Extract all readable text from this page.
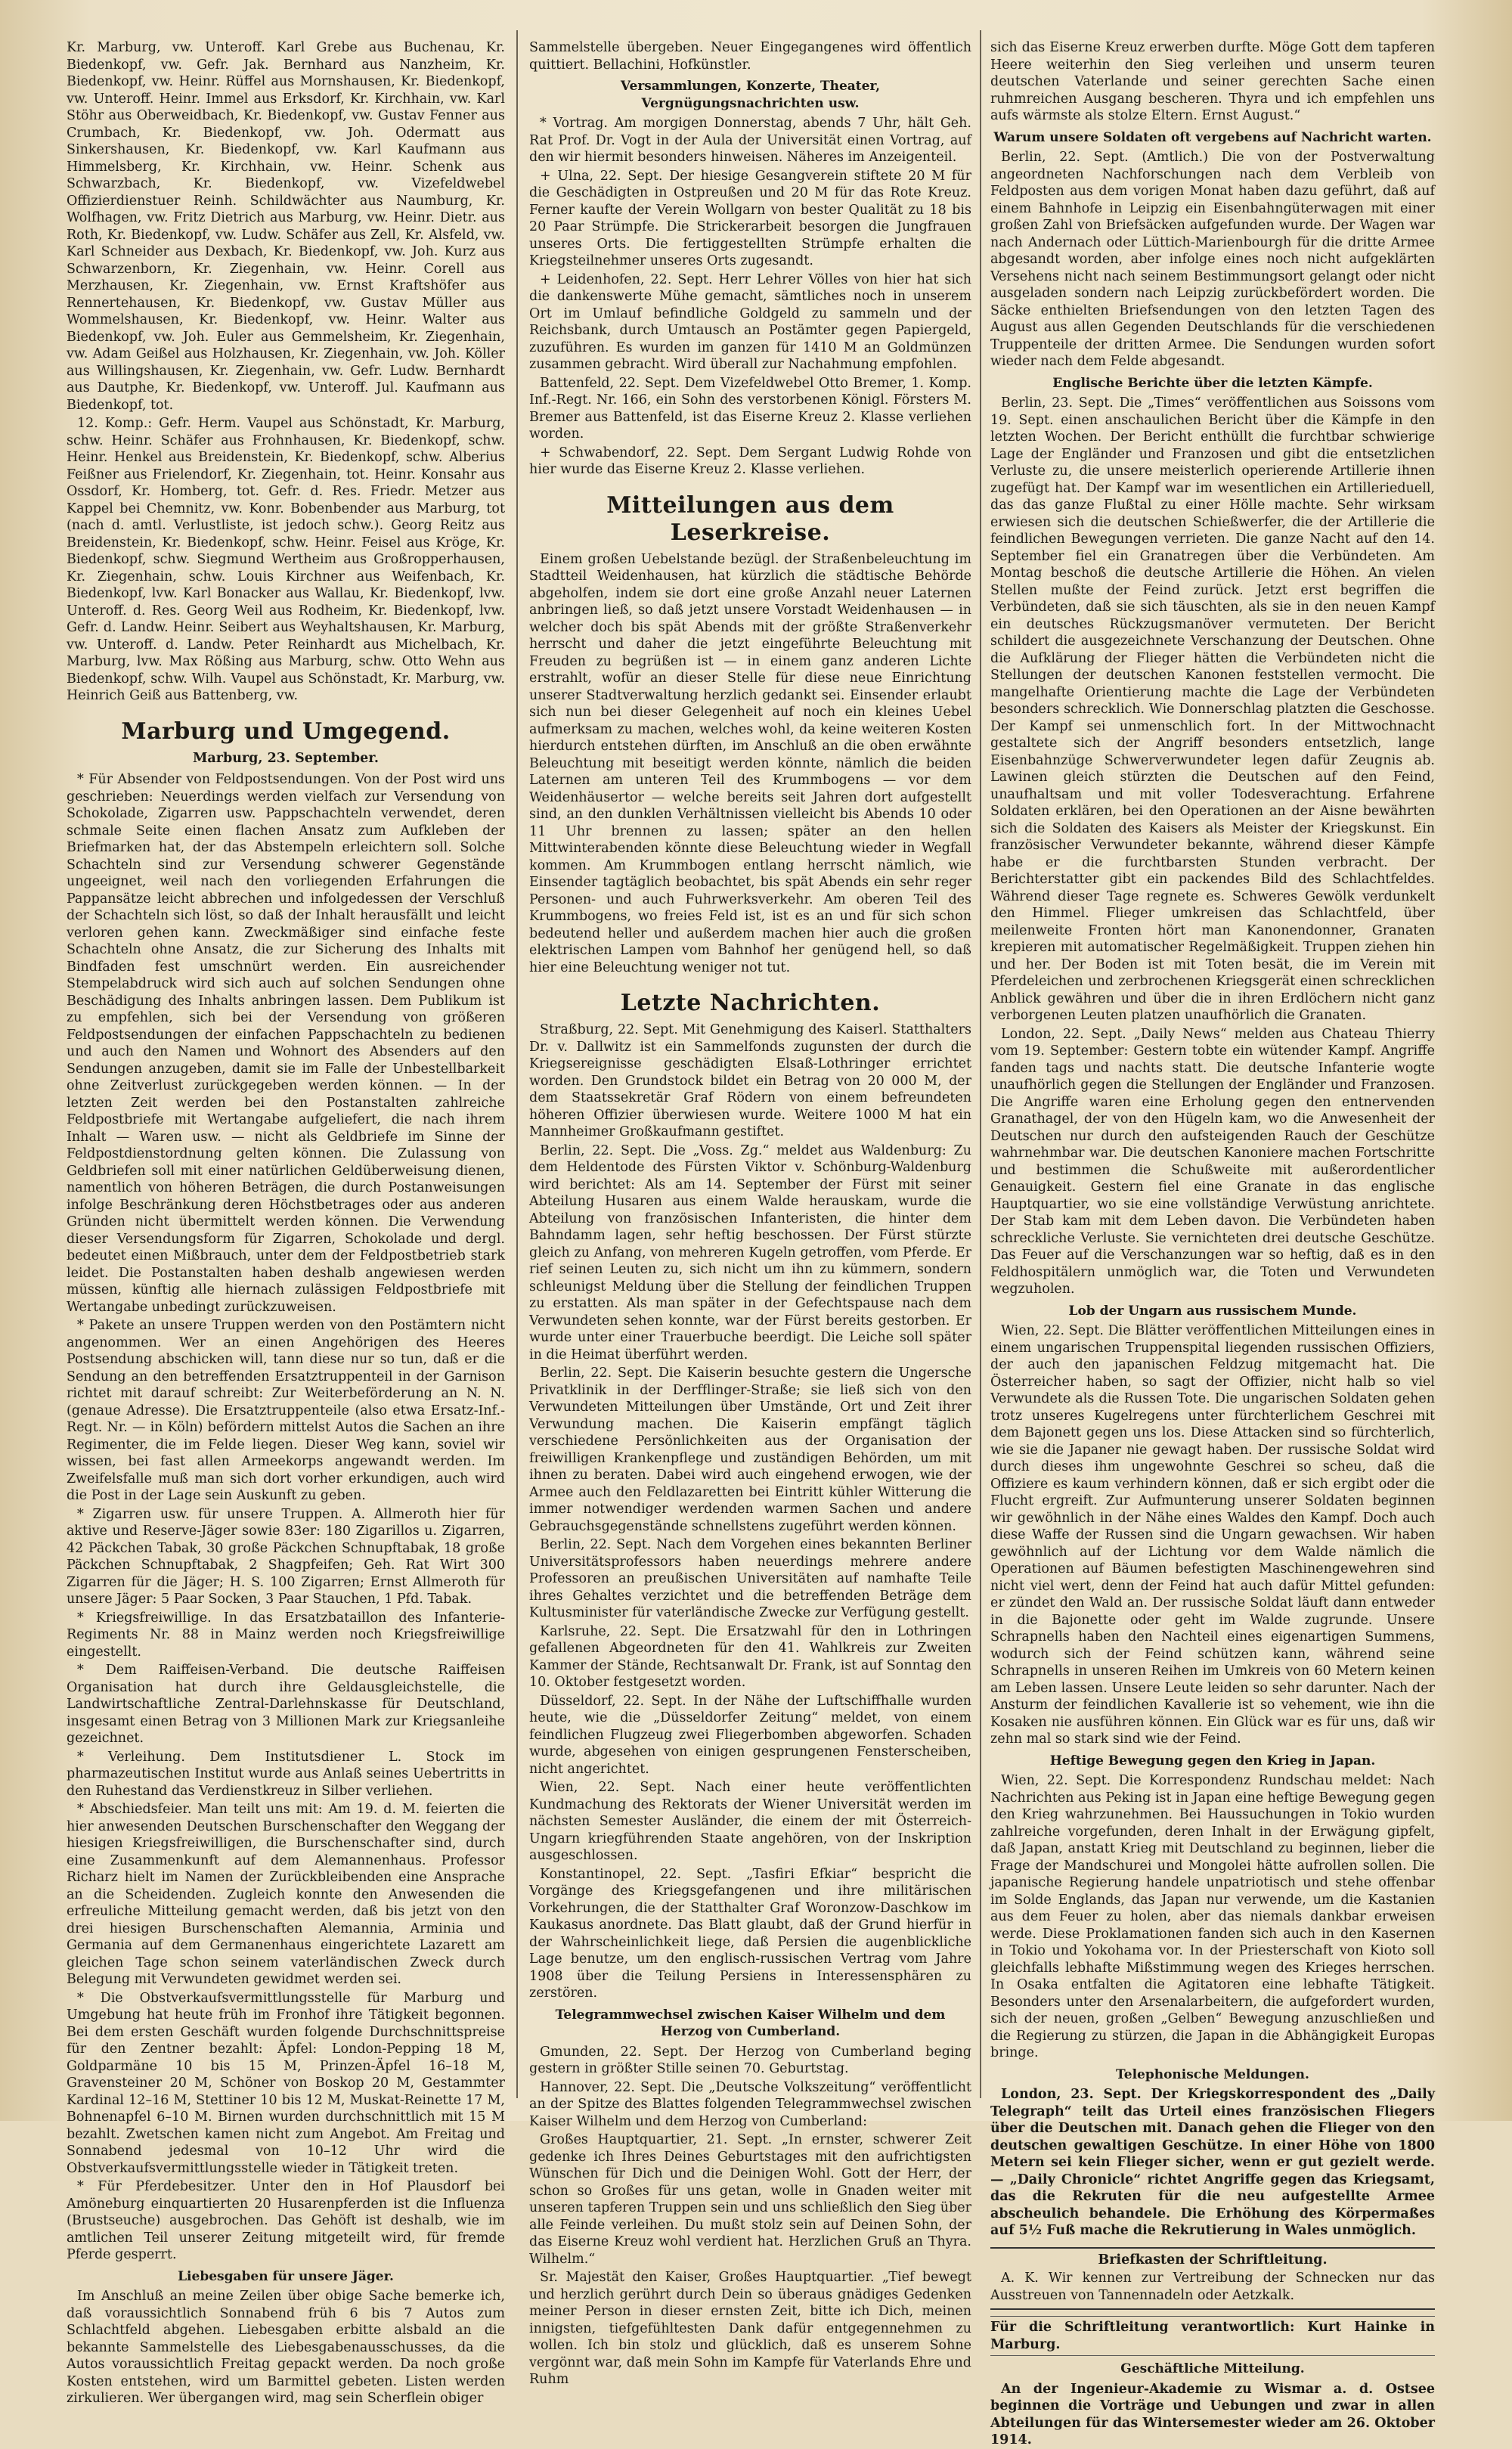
Kr. Marburg, vw. Unteroff. Karl Grebe aus Buchenau, Kr. Biedenkopf, vw. Gefr. Jak. Bernhard aus Nanzheim, Kr. Biedenkopf, vw. Heinr. Rüffel aus Mornshausen, Kr. Biedenkopf, vw. Unteroff. Heinr. Immel aus Erksdorf, Kr. Kirchhain, vw. Karl Stöhr aus Oberweidbach, Kr. Biedenkopf, vw. Gustav Fenner aus Crumbach, Kr. Biedenkopf, vw. Joh. Odermatt aus Sinkershausen, Kr. Biedenkopf, vw. Karl Kaufmann aus Himmelsberg, Kr. Kirchhain, vw. Heinr. Schenk aus Schwarzbach, Kr. Biedenkopf, vw. Vizefeldwebel Offizierdienstuer Reinh. Schildwächter aus Naumburg, Kr. Wolfhagen, vw. Fritz Dietrich aus Marburg, vw. Heinr. Dietr. aus Roth, Kr. Biedenkopf, vw. Ludw. Schäfer aus Zell, Kr. Alsfeld, vw. Karl Schneider aus Dexbach, Kr. Biedenkopf, vw. Joh. Kurz aus Schwarzenborn, Kr. Ziegenhain, vw. Heinr. Corell aus Merzhausen, Kr. Ziegenhain, vw. Ernst Kraftshöfer aus Rennertehausen, Kr. Biedenkopf, vw. Gustav Müller aus Wommelshausen, Kr. Biedenkopf, vw. Heinr. Walter aus Biedenkopf, vw. Joh. Euler aus Gemmelsheim, Kr. Ziegenhain, vw. Adam Geißel aus Holzhausen, Kr. Ziegenhain, vw. Joh. Köller aus Willingshausen, Kr. Ziegenhain, vw. Gefr. Ludw. Bernhardt aus Dautphe, Kr. Biedenkopf, vw. Unteroff. Jul. Kaufmann aus Biedenkopf, tot.

12. Komp.: Gefr. Herm. Vaupel aus Schönstadt, Kr. Marburg, schw. Heinr. Schäfer aus Frohnhausen, Kr. Biedenkopf, schw. Heinr. Henkel aus Breidenstein, Kr. Biedenkopf, schw. Alberius Feißner aus Frielendorf, Kr. Ziegenhain, tot. Heinr. Konsahr aus Ossdorf, Kr. Homberg, tot. Gefr. d. Res. Friedr. Metzer aus Kappel bei Chemnitz, vw. Konr. Bobenbender aus Marburg, tot (nach d. amtl. Verlustliste, ist jedoch schw.). Georg Reitz aus Breidenstein, Kr. Biedenkopf, schw. Heinr. Feisel aus Kröge, Kr. Biedenkopf, schw. Siegmund Wertheim aus Großropperhausen, Kr. Ziegenhain, schw. Louis Kirchner aus Weifenbach, Kr. Biedenkopf, lvw. Karl Bonacker aus Wallau, Kr. Biedenkopf, lvw. Unteroff. d. Res. Georg Weil aus Rodheim, Kr. Biedenkopf, lvw. Gefr. d. Landw. Heinr. Seibert aus Weyhaltshausen, Kr. Marburg, vw. Unteroff. d. Landw. Peter Reinhardt aus Michelbach, Kr. Marburg, lvw. Max Rößing aus Marburg, schw. Otto Wehn aus Biedenkopf, schw. Wilh. Vaupel aus Schönstadt, Kr. Marburg, vw. Heinrich Geiß aus Battenberg, vw.

Marburg und Umgegend.
Marburg, 23. September.

* Für Absender von Feldpostsendungen. Von der Post wird uns geschrieben: Neuerdings werden vielfach zur Versendung von Schokolade, Zigarren usw. Pappschachteln verwendet, deren schmale Seite einen flachen Ansatz zum Aufkleben der Briefmarken hat, der das Abstempeln erleichtern soll. Solche Schachteln sind zur Versendung schwerer Gegenstände ungeeignet, weil nach den vorliegenden Erfahrungen die Pappansätze leicht abbrechen und infolgedessen der Verschluß der Schachteln sich löst, so daß der Inhalt herausfällt und leicht verloren gehen kann. Zweckmäßiger sind einfache feste Schachteln ohne Ansatz, die zur Sicherung des Inhalts mit Bindfaden fest umschnürt werden. Ein ausreichender Stempelabdruck wird sich auch auf solchen Sendungen ohne Beschädigung des Inhalts anbringen lassen. Dem Publikum ist zu empfehlen, sich bei der Versendung von größeren Feldpostsendungen der einfachen Pappschachteln zu bedienen und auch den Namen und Wohnort des Absenders auf den Sendungen anzugeben, damit sie im Falle der Unbestellbarkeit ohne Zeitverlust zurückgegeben werden können. — In der letzten Zeit werden bei den Postanstalten zahlreiche Feldpostbriefe mit Wertangabe aufgeliefert, die nach ihrem Inhalt — Waren usw. — nicht als Geldbriefe im Sinne der Feldpostdienstordnung gelten können. Die Zulassung von Geldbriefen soll mit einer natürlichen Geldüberweisung dienen, namentlich von höheren Beträgen, die durch Postanweisungen infolge Beschränkung deren Höchstbetrages oder aus anderen Gründen nicht übermittelt werden können. Die Verwendung dieser Versendungsform für Zigarren, Schokolade und dergl. bedeutet einen Mißbrauch, unter dem der Feldpostbetrieb stark leidet. Die Postanstalten haben deshalb angewiesen werden müssen, künftig alle hiernach zulässigen Feldpostbriefe mit Wertangabe unbedingt zurückzuweisen.

* Pakete an unsere Truppen werden von den Postämtern nicht angenommen. Wer an einen Angehörigen des Heeres Postsendung abschicken will, tann diese nur so tun, daß er die Sendung an den betreffenden Ersatztruppenteil in der Garnison richtet mit darauf schreibt: Zur Weiterbeförderung an N. N. (genaue Adresse). Die Ersatztruppenteile (also etwa Ersatz-Inf.-Regt. Nr. — in Köln) befördern mittelst Autos die Sachen an ihre Regimenter, die im Felde liegen. Dieser Weg kann, soviel wir wissen, bei fast allen Armeekorps angewandt werden. Im Zweifelsfalle muß man sich dort vorher erkundigen, auch wird die Post in der Lage sein Auskunft zu geben.

* Zigarren usw. für unsere Truppen. A. Allmeroth hier für aktive und Reserve-Jäger sowie 83er: 180 Zigarillos u. Zigarren, 42 Päckchen Tabak, 30 große Päckchen Schnupftabak, 18 große Päckchen Schnupftabak, 2 Shagpfeifen; Geh. Rat Wirt 300 Zigarren für die Jäger; H. S. 100 Zigarren; Ernst Allmeroth für unsere Jäger: 5 Paar Socken, 3 Paar Stauchen, 1 Pfd. Tabak.

* Kriegsfreiwillige. In das Ersatzbataillon des Infanterie-Regiments Nr. 88 in Mainz werden noch Kriegsfreiwillige eingestellt.

* Dem Raiffeisen-Verband. Die deutsche Raiffeisen Organisation hat durch ihre Geldausgleichstelle, die Landwirtschaftliche Zentral-Darlehnskasse für Deutschland, insgesamt einen Betrag von 3 Millionen Mark zur Kriegsanleihe gezeichnet.

* Verleihung. Dem Institutsdiener L. Stock im pharmazeutischen Institut wurde aus Anlaß seines Uebertritts in den Ruhestand das Verdienstkreuz in Silber verliehen.

* Abschiedsfeier. Man teilt uns mit: Am 19. d. M. feierten die hier anwesenden Deutschen Burschenschafter den Weggang der hiesigen Kriegsfreiwilligen, die Burschenschafter sind, durch eine Zusammenkunft auf dem Alemannenhaus. Professor Richarz hielt im Namen der Zurückbleibenden eine Ansprache an die Scheidenden. Zugleich konnte den Anwesenden die erfreuliche Mitteilung gemacht werden, daß bis jetzt von den drei hiesigen Burschenschaften Alemannia, Arminia und Germania auf dem Germanenhaus eingerichtete Lazarett am gleichen Tage schon seinem vaterländischen Zweck durch Belegung mit Verwundeten gewidmet werden sei.

* Die Obstverkaufsvermittlungsstelle für Marburg und Umgebung hat heute früh im Fronhof ihre Tätigkeit begonnen. Bei dem ersten Geschäft wurden folgende Durchschnittspreise für den Zentner bezahlt: Äpfel: London-Pepping 18 M, Goldparmäne 10 bis 15 M, Prinzen-Äpfel 16–18 M, Gravensteiner 20 M, Schöner von Boskop 20 M, Gestammter Kardinal 12–16 M, Stettiner 10 bis 12 M, Muskat-Reinette 17 M, Bohnenapfel 6–10 M. Birnen wurden durchschnittlich mit 15 M bezahlt. Zwetschen kamen nicht zum Angebot. Am Freitag und Sonnabend jedesmal von 10–12 Uhr wird die Obstverkaufsvermittlungsstelle wieder in Tätigkeit treten.

* Für Pferdebesitzer. Unter den in Hof Plausdorf bei Amöneburg einquartierten 20 Husarenpferden ist die Influenza (Brustseuche) ausgebrochen. Das Gehöft ist deshalb, wie im amtlichen Teil unserer Zeitung mitgeteilt wird, für fremde Pferde gesperrt.

Liebesgaben für unsere Jäger.

Im Anschluß an meine Zeilen über obige Sache bemerke ich, daß voraussichtlich Sonnabend früh 6 bis 7 Autos zum Schlachtfeld abgehen. Liebesgaben erbitte alsbald an die bekannte Sammelstelle des Liebesgabenausschusses, da die Autos voraussichtlich Freitag gepackt werden. Da noch große Kosten entstehen, wird um Barmittel gebeten. Listen werden zirkulieren. Wer übergangen wird, mag sein Scherflein obiger

Sammelstelle übergeben. Neuer Eingegangenes wird öffentlich quittiert. Bellachini, Hofkünstler.

Versammlungen, Konzerte, Theater, Vergnügungsnachrichten usw.

* Vortrag. Am morgigen Donnerstag, abends 7 Uhr, hält Geh. Rat Prof. Dr. Vogt in der Aula der Universität einen Vortrag, auf den wir hiermit besonders hinweisen. Näheres im Anzeigenteil.

+ Ulna, 22. Sept. Der hiesige Gesangverein stiftete 20 M für die Geschädigten in Ostpreußen und 20 M für das Rote Kreuz. Ferner kaufte der Verein Wollgarn von bester Qualität zu 18 bis 20 Paar Strümpfe. Die Strickerarbeit besorgen die Jungfrauen unseres Orts. Die fertiggestellten Strümpfe erhalten die Kriegsteilnehmer unseres Orts zugesandt.

+ Leidenhofen, 22. Sept. Herr Lehrer Völles von hier hat sich die dankenswerte Mühe gemacht, sämtliches noch in unserem Ort im Umlauf befindliche Goldgeld zu sammeln und der Reichsbank, durch Umtausch an Postämter gegen Papiergeld, zuzuführen. Es wurden im ganzen für 1410 M an Goldmünzen zusammen gebracht. Wird überall zur Nachahmung empfohlen.

Battenfeld, 22. Sept. Dem Vizefeldwebel Otto Bremer, 1. Komp. Inf.-Regt. Nr. 166, ein Sohn des verstorbenen Königl. Försters M. Bremer aus Battenfeld, ist das Eiserne Kreuz 2. Klasse verliehen worden.

+ Schwabendorf, 22. Sept. Dem Sergant Ludwig Rohde von hier wurde das Eiserne Kreuz 2. Klasse verliehen.

Mitteilungen aus dem Leserkreise.

Einem großen Uebelstande bezügl. der Straßenbeleuchtung im Stadtteil Weidenhausen, hat kürzlich die städtische Behörde abgeholfen, indem sie dort eine große Anzahl neuer Laternen anbringen ließ, so daß jetzt unsere Vorstadt Weidenhausen — in welcher doch bis spät Abends mit der größte Straßenverkehr herrscht und daher die jetzt eingeführte Beleuchtung mit Freuden zu begrüßen ist — in einem ganz anderen Lichte erstrahlt, wofür an dieser Stelle für diese neue Einrichtung unserer Stadtverwaltung herzlich gedankt sei. Einsender erlaubt sich nun bei dieser Gelegenheit auf noch ein kleines Uebel aufmerksam zu machen, welches wohl, da keine weiteren Kosten hierdurch entstehen dürften, im Anschluß an die oben erwähnte Beleuchtung mit beseitigt werden könnte, nämlich die beiden Laternen am unteren Teil des Krummbogens — vor dem Weidenhäusertor — welche bereits seit Jahren dort aufgestellt sind, an den dunklen Verhältnissen vielleicht bis Abends 10 oder 11 Uhr brennen zu lassen; später an den hellen Mittwinterabenden könnte diese Beleuchtung wieder in Wegfall kommen. Am Krummbogen entlang herrscht nämlich, wie Einsender tagtäglich beobachtet, bis spät Abends ein sehr reger Personen- und auch Fuhrwerksverkehr. Am oberen Teil des Krummbogens, wo freies Feld ist, ist es an und für sich schon bedeutend heller und außerdem machen hier auch die großen elektrischen Lampen vom Bahnhof her genügend hell, so daß hier eine Beleuchtung weniger not tut.

Letzte Nachrichten.

Straßburg, 22. Sept. Mit Genehmigung des Kaiserl. Statthalters Dr. v. Dallwitz ist ein Sammelfonds zugunsten der durch die Kriegsereignisse geschädigten Elsaß-Lothringer errichtet worden. Den Grundstock bildet ein Betrag von 20 000 M, der dem Staatssekretär Graf Rödern von einem befreundeten höheren Offizier überwiesen wurde. Weitere 1000 M hat ein Mannheimer Großkaufmann gestiftet.

Berlin, 22. Sept. Die „Voss. Zg.“ meldet aus Waldenburg: Zu dem Heldentode des Fürsten Viktor v. Schönburg-Waldenburg wird berichtet: Als am 14. September der Fürst mit seiner Abteilung Husaren aus einem Walde herauskam, wurde die Abteilung von französischen Infanteristen, die hinter dem Bahndamm lagen, sehr heftig beschossen. Der Fürst stürzte gleich zu Anfang, von mehreren Kugeln getroffen, vom Pferde. Er rief seinen Leuten zu, sich nicht um ihn zu kümmern, sondern schleunigst Meldung über die Stellung der feindlichen Truppen zu erstatten. Als man später in der Gefechtspause nach dem Verwundeten sehen konnte, war der Fürst bereits gestorben. Er wurde unter einer Trauerbuche beerdigt. Die Leiche soll später in die Heimat überführt werden.

Berlin, 22. Sept. Die Kaiserin besuchte gestern die Ungersche Privatklinik in der Derfflinger-Straße; sie ließ sich von den Verwundeten Mitteilungen über Umstände, Ort und Zeit ihrer Verwundung machen. Die Kaiserin empfängt täglich verschiedene Persönlichkeiten aus der Organisation der freiwilligen Krankenpflege und zuständigen Behörden, um mit ihnen zu beraten. Dabei wird auch eingehend erwogen, wie der Armee auch den Feldlazaretten bei Eintritt kühler Witterung die immer notwendiger werdenden warmen Sachen und andere Gebrauchsgegenstände schnellstens zugeführt werden können.

Berlin, 22. Sept. Nach dem Vorgehen eines bekannten Berliner Universitätsprofessors haben neuerdings mehrere andere Professoren an preußischen Universitäten auf namhafte Teile ihres Gehaltes verzichtet und die betreffenden Beträge dem Kultusminister für vaterländische Zwecke zur Verfügung gestellt.

Karlsruhe, 22. Sept. Die Ersatzwahl für den in Lothringen gefallenen Abgeordneten für den 41. Wahlkreis zur Zweiten Kammer der Stände, Rechtsanwalt Dr. Frank, ist auf Sonntag den 10. Oktober festgesetzt worden.

Düsseldorf, 22. Sept. In der Nähe der Luftschiffhalle wurden heute, wie die „Düsseldorfer Zeitung“ meldet, von einem feindlichen Flugzeug zwei Fliegerbomben abgeworfen. Schaden wurde, abgesehen von einigen gesprungenen Fensterscheiben, nicht angerichtet.

Wien, 22. Sept. Nach einer heute veröffentlichten Kundmachung des Rektorats der Wiener Universität werden im nächsten Semester Ausländer, die einem der mit Österreich-Ungarn kriegführenden Staate angehören, von der Inskription ausgeschlossen.

Konstantinopel, 22. Sept. „Tasfiri Efkiar“ bespricht die Vorgänge des Kriegsgefangenen und ihre militärischen Vorkehrungen, die der Statthalter Graf Woronzow-Daschkow im Kaukasus anordnete. Das Blatt glaubt, daß der Grund hierfür in der Wahrscheinlichkeit liege, daß Persien die augenblickliche Lage benutze, um den englisch-russischen Vertrag vom Jahre 1908 über die Teilung Persiens in Interessensphären zu zerstören.

Telegrammwechsel zwischen Kaiser Wilhelm und dem Herzog von Cumberland.

Gmunden, 22. Sept. Der Herzog von Cumberland beging gestern in größter Stille seinen 70. Geburtstag.

Hannover, 22. Sept. Die „Deutsche Volkszeitung“ veröffentlicht an der Spitze des Blattes folgenden Telegrammwechsel zwischen Kaiser Wilhelm und dem Herzog von Cumberland:

Großes Hauptquartier, 21. Sept. „In ernster, schwerer Zeit gedenke ich Ihres Deines Geburtstages mit den aufrichtigsten Wünschen für Dich und die Deinigen Wohl. Gott der Herr, der schon so Großes für uns getan, wolle in Gnaden weiter mit unseren tapferen Truppen sein und uns schließlich den Sieg über alle Feinde verleihen. Du mußt stolz sein auf Deinen Sohn, der das Eiserne Kreuz wohl verdient hat. Herzlichen Gruß an Thyra. Wilhelm.“

Sr. Majestät den Kaiser, Großes Hauptquartier. „Tief bewegt und herzlich gerührt durch Dein so überaus gnädiges Gedenken meiner Person in dieser ernsten Zeit, bitte ich Dich, meinen innigsten, tiefgefühltesten Dank dafür entgegennehmen zu wollen. Ich bin stolz und glücklich, daß es unserem Sohne vergönnt war, daß mein Sohn im Kampfe für Vaterlands Ehre und Ruhm

sich das Eiserne Kreuz erwerben durfte. Möge Gott dem tapferen Heere weiterhin den Sieg verleihen und unserm teuren deutschen Vaterlande und seiner gerechten Sache einen ruhmreichen Ausgang bescheren. Thyra und ich empfehlen uns aufs wärmste als stolze Eltern. Ernst August.“

Warum unsere Soldaten oft vergebens auf Nachricht warten.

Berlin, 22. Sept. (Amtlich.) Die von der Postverwaltung angeordneten Nachforschungen nach dem Verbleib von Feldposten aus dem vorigen Monat haben dazu geführt, daß auf einem Bahnhofe in Leipzig ein Eisenbahngüterwagen mit einer großen Zahl von Briefsäcken aufgefunden wurde. Der Wagen war nach Andernach oder Lüttich-Marienbourgh für die dritte Armee abgesandt worden, aber infolge eines noch nicht aufgeklärten Versehens nicht nach seinem Bestimmungsort gelangt oder nicht ausgeladen sondern nach Leipzig zurückbefördert worden. Die Säcke enthielten Briefsendungen von den letzten Tagen des August aus allen Gegenden Deutschlands für die verschiedenen Truppenteile der dritten Armee. Die Sendungen wurden sofort wieder nach dem Felde abgesandt.

Englische Berichte über die letzten Kämpfe.

Berlin, 23. Sept. Die „Times“ veröffentlichen aus Soissons vom 19. Sept. einen anschaulichen Bericht über die Kämpfe in den letzten Wochen. Der Bericht enthüllt die furchtbar schwierige Lage der Engländer und Franzosen und gibt die entsetzlichen Verluste zu, die unsere meisterlich operierende Artillerie ihnen zugefügt hat. Der Kampf war im wesentlichen ein Artillerieduell, das das ganze Flußtal zu einer Hölle machte. Sehr wirksam erwiesen sich die deutschen Schießwerfer, die der Artillerie die feindlichen Bewegungen verrieten. Die ganze Nacht auf den 14. September fiel ein Granatregen über die Verbündeten. Am Montag beschoß die deutsche Artillerie die Höhen. An vielen Stellen mußte der Feind zurück. Jetzt erst begriffen die Verbündeten, daß sie sich täuschten, als sie in den neuen Kampf ein deutsches Rückzugsmanöver vermuteten. Der Bericht schildert die ausgezeichnete Verschanzung der Deutschen. Ohne die Aufklärung der Flieger hätten die Verbündeten nicht die Stellungen der deutschen Kanonen feststellen vermocht. Die mangelhafte Orientierung machte die Lage der Verbündeten besonders schrecklich. Wie Donnerschlag platzten die Geschosse. Der Kampf sei unmenschlich fort. In der Mittwochnacht gestaltete sich der Angriff besonders entsetzlich, lange Eisenbahnzüge Schwerverwundeter legen dafür Zeugnis ab. Lawinen gleich stürzten die Deutschen auf den Feind, unaufhaltsam und mit voller Todesverachtung. Erfahrene Soldaten erklären, bei den Operationen an der Aisne bewährten sich die Soldaten des Kaisers als Meister der Kriegskunst. Ein französischer Verwundeter bekannte, während dieser Kämpfe habe er die furchtbarsten Stunden verbracht. Der Berichterstatter gibt ein packendes Bild des Schlachtfeldes. Während dieser Tage regnete es. Schweres Gewölk verdunkelt den Himmel. Flieger umkreisen das Schlachtfeld, über meilenweite Fronten hört man Kanonendonner, Granaten krepieren mit automatischer Regelmäßigkeit. Truppen ziehen hin und her. Der Boden ist mit Toten besät, die im Verein mit Pferdeleichen und zerbrochenen Kriegsgerät einen schrecklichen Anblick gewähren und über die in ihren Erdlöchern nicht ganz verborgenen Leuten platzen unaufhörlich die Granaten.

London, 22. Sept. „Daily News“ melden aus Chateau Thierry vom 19. September: Gestern tobte ein wütender Kampf. Angriffe fanden tags und nachts statt. Die deutsche Infanterie wogte unaufhörlich gegen die Stellungen der Engländer und Franzosen. Die Angriffe waren eine Erholung gegen den entnervenden Granathagel, der von den Hügeln kam, wo die Anwesenheit der Deutschen nur durch den aufsteigenden Rauch der Geschütze wahrnehmbar war. Die deutschen Kanoniere machen Fortschritte und bestimmen die Schußweite mit außerordentlicher Genauigkeit. Gestern fiel eine Granate in das englische Hauptquartier, wo sie eine vollständige Verwüstung anrichtete. Der Stab kam mit dem Leben davon. Die Verbündeten haben schreckliche Verluste. Sie vernichteten drei deutsche Geschütze. Das Feuer auf die Verschanzungen war so heftig, daß es in den Feldhospitälern unmöglich war, die Toten und Verwundeten wegzuholen.

Lob der Ungarn aus russischem Munde.

Wien, 22. Sept. Die Blätter veröffentlichen Mitteilungen eines in einem ungarischen Truppenspital liegenden russischen Offiziers, der auch den japanischen Feldzug mitgemacht hat. Die Österreicher haben, so sagt der Offizier, nicht halb so viel Verwundete als die Russen Tote. Die ungarischen Soldaten gehen trotz unseres Kugelregens unter fürchterlichem Geschrei mit dem Bajonett gegen uns los. Diese Attacken sind so fürchterlich, wie sie die Japaner nie gewagt haben. Der russische Soldat wird durch dieses ihm ungewohnte Geschrei so scheu, daß die Offiziere es kaum verhindern können, daß er sich ergibt oder die Flucht ergreift. Zur Aufmunterung unserer Soldaten beginnen wir gewöhnlich in der Nähe eines Waldes den Kampf. Doch auch diese Waffe der Russen sind die Ungarn gewachsen. Wir haben gewöhnlich auf der Lichtung vor dem Walde nämlich die Operationen auf Bäumen befestigten Maschinengewehren sind nicht viel wert, denn der Feind hat auch dafür Mittel gefunden: er zündet den Wald an. Der russische Soldat läuft dann entweder in die Bajonette oder geht im Walde zugrunde. Unsere Schrapnells haben den Nachteil eines eigenartigen Summens, wodurch sich der Feind schützen kann, während seine Schrapnells in unseren Reihen im Umkreis von 60 Metern keinen am Leben lassen. Unsere Leute leiden so sehr darunter. Nach der Ansturm der feindlichen Kavallerie ist so vehement, wie ihn die Kosaken nie ausführen können. Ein Glück war es für uns, daß wir zehn mal so stark sind wie der Feind.

Heftige Bewegung gegen den Krieg in Japan.

Wien, 22. Sept. Die Korrespondenz Rundschau meldet: Nach Nachrichten aus Peking ist in Japan eine heftige Bewegung gegen den Krieg wahrzunehmen. Bei Haussuchungen in Tokio wurden zahlreiche vorgefunden, deren Inhalt in der Erwägung gipfelt, daß Japan, anstatt Krieg mit Deutschland zu beginnen, lieber die Frage der Mandschurei und Mongolei hätte aufrollen sollen. Die japanische Regierung handele unpatriotisch und stehe offenbar im Solde Englands, das Japan nur verwende, um die Kastanien aus dem Feuer zu holen, aber das niemals dankbar erweisen werde. Diese Proklamationen fanden sich auch in den Kasernen in Tokio und Yokohama vor. In der Priesterschaft von Kioto soll gleichfalls lebhafte Mißstimmung wegen des Krieges herrschen. In Osaka entfalten die Agitatoren eine lebhafte Tätigkeit. Besonders unter den Arsenalarbeitern, die aufgefordert wurden, sich der neuen, großen „Gelben“ Bewegung anzuschließen und die Regierung zu stürzen, die Japan in die Abhängigkeit Europas bringe.

Telephonische Meldungen.

London, 23. Sept. Der Kriegskorrespondent des „Daily Telegraph“ teilt das Urteil eines französischen Fliegers über die Deutschen mit. Danach gehen die Flieger von den deutschen gewaltigen Geschütze. In einer Höhe von 1800 Metern sei kein Flieger sicher, wenn er gut gezielt werde. — „Daily Chronicle“ richtet Angriffe gegen das Kriegsamt, das die Rekruten für die neu aufgestellte Armee abscheulich behandele. Die Erhöhung des Körpermaßes auf 5½ Fuß mache die Rekrutierung in Wales unmöglich.

Briefkasten der Schriftleitung.

A. K. Wir kennen zur Vertreibung der Schnecken nur das Ausstreuen von Tannennadeln oder Aetzkalk.

Für die Schriftleitung verantwortlich: Kurt Hainke in Marburg.

Geschäftliche Mitteilung.

An der Ingenieur-Akademie zu Wismar a. d. Ostsee beginnen die Vorträge und Uebungen und zwar in allen Abteilungen für das Wintersemester wieder am 26. Oktober 1914.
